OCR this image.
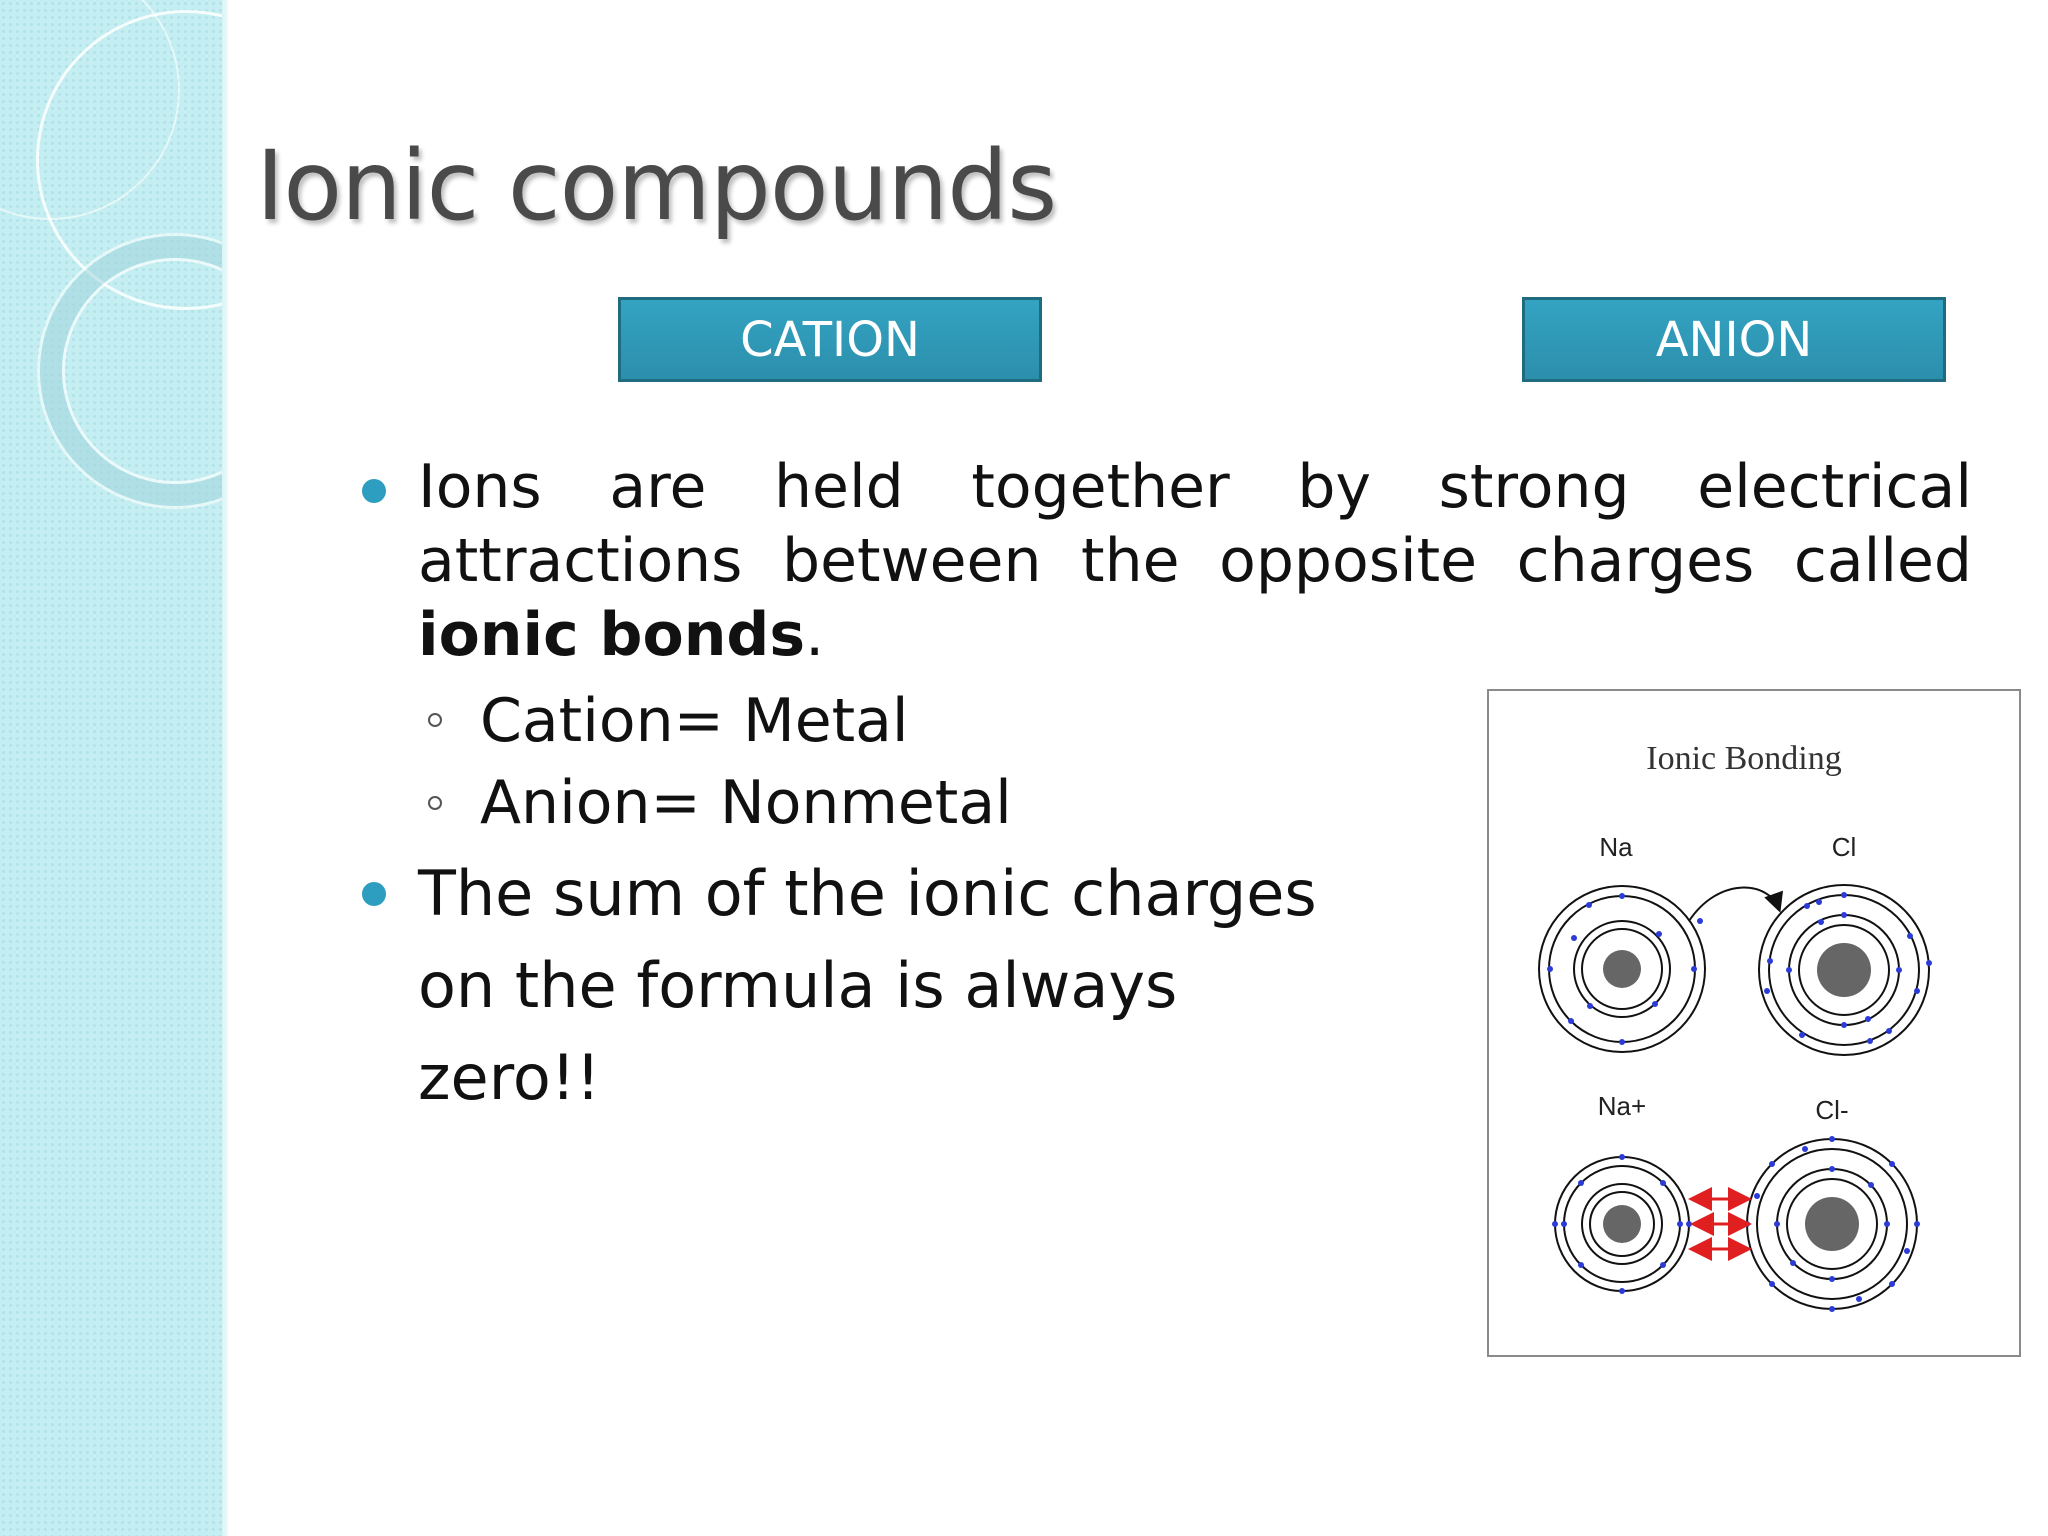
Ionic compounds
CATION	ANION

Ions are held together by strong electrical attractions between the opposite charges called ionic bonds.

Cation= Metal

Anion= Nonmetal

The sum of the ionic charges on the formula is always zero!!

Ionic Bonding
Na	Cl
Na+	Cl-
